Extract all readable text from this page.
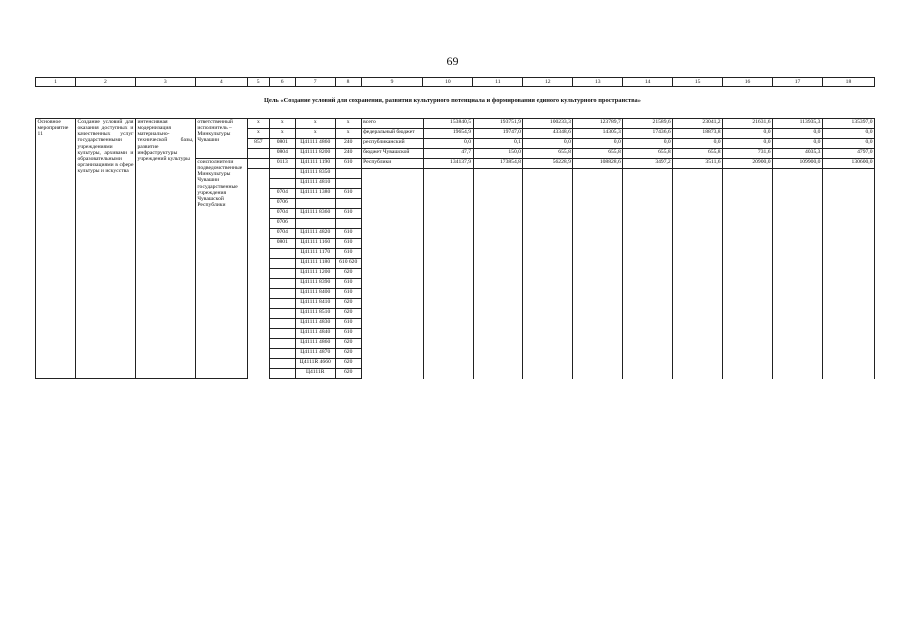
69
1	2	3	4	5	6	7	8	9	10	11	12	13	14	15	16	17	18
Цель «Создание условий для сохранения, развития культурного потенциала и формирования единого культурного пространства»
Основное мероприятие 11	Создание условий для оказания доступных и качественных услуг государственными учреждениями культуры, архивами и образовательными организациями в сфере культуры и искусства	интенсивная модернизация материально-технической базы, развитие инфраструктуры учреждений культуры	ответственный исполнитель – Минкультуры Чувашии	x	x	x	x	всего	153840,5	193751,9	100233,3	123789,7	21589,6	23041,2	21631,6	113935,3	135397,0
				x	x	x	x	федеральный бюджет	19654,9	19747,0	43348,6	14305,3	17436,6	18873,8	0,0	0,0	0,0
				857	0801	Ц41111 4860	240	республиканский	0,0	0,1	0,0	0,0	0,0	0,0	0,0	0,0	0,0
					0804	Ц41111 8200	240	бюджет Чувашской	47,7	150,0	655,8	655,8	655,8	655,8	731,6	4035,3	4797,0
			соисполнители подведомственные Минкультуры Чувашии государственные учреждения Чувашской Республики		0113	Ц41111 1190	610	Республики	134137,9	173854,8	56228,9	108828,6	3497,2	3511,6	20900,0	109900,0	130600,0
						Ц41111 8350											
						Ц41111 4810											
					0704	Ц41111 1380	610										
					0706												
					0704	Ц41111 8360	610										
					0706												
					0704	Ц41111 4820	610										
					0801	Ц41111 1160	610										
						Ц41111 1170	610										
						Ц41111 1180	610 620										
						Ц41111 1200	620										
						Ц41111 8390	610										
						Ц41111 8400	610										
						Ц41111 8410	620										
						Ц41111 8510	620										
						Ц41111 4830	610										
						Ц41111 4840	610										
						Ц41111 4860	620										
						Ц41111 4870	620										
						Ц4111R 4660	620										
						Ц4111R	620										
